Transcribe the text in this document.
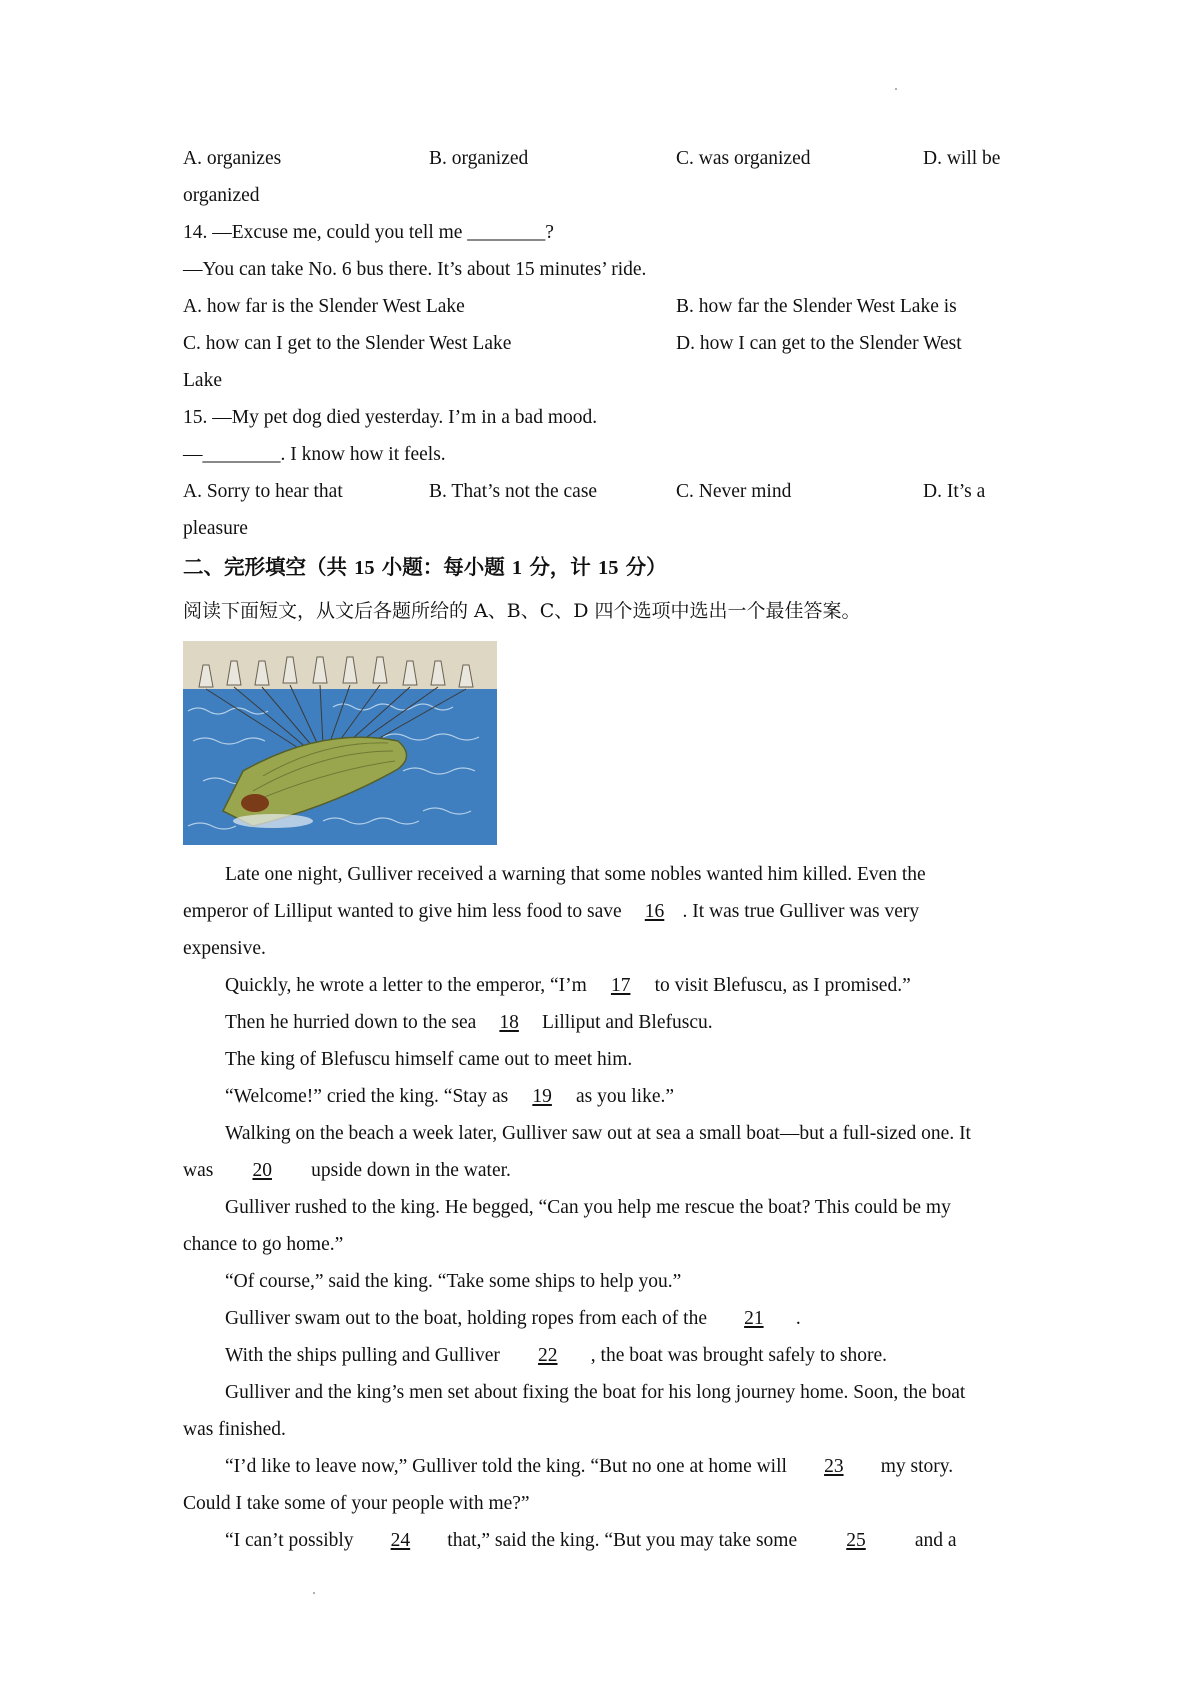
A. organizes	B. organized	C. was organized	D. will be
organized
14. —Excuse me, could you tell me ________?
—You can take No. 6 bus there. It’s about 15 minutes’ ride.
A. how far is the Slender West Lake	B. how far the Slender West Lake is
C. how can I get to the Slender West Lake	D. how I can get to the Slender West
Lake
15. —My pet dog died yesterday. I’m in a bad mood.
—________. I know how it feels.
A. Sorry to hear that	B. That’s not the case	C. Never mind	D. It’s a
pleasure
二、完形填空（共 15 小题：每小题 1 分，计 15 分）
阅读下面短文，从文后各题所给的 A、B、C、D 四个选项中选出一个最佳答案。
Late one night, Gulliver received a warning that some nobles wanted him killed. Even the
emperor of Lilliput wanted to give him less food to save 16 . It was true Gulliver was very
expensive.
Quickly, he wrote a letter to the emperor, “I’m 17 to visit Blefuscu, as I promised.”
Then he hurried down to the sea 18 Lilliput and Blefuscu.
The king of Blefuscu himself came out to meet him.
“Welcome!” cried the king. “Stay as 19 as you like.”
Walking on the beach a week later, Gulliver saw out at sea a small boat—but a full-sized one. It
was 20 upside down in the water.
Gulliver rushed to the king. He begged, “Can you help me rescue the boat? This could be my
chance to go home.”
“Of course,” said the king. “Take some ships to help you.”
Gulliver swam out to the boat, holding ropes from each of the 21 .
With the ships pulling and Gulliver 22 , the boat was brought safely to shore.
Gulliver and the king’s men set about fixing the boat for his long journey home. Soon, the boat
was finished.
“I’d like to leave now,” Gulliver told the king. “But no one at home will 23 my story.
Could I take some of your people with me?”
“I can’t possibly 24 that,” said the king. “But you may take some 25 and a
